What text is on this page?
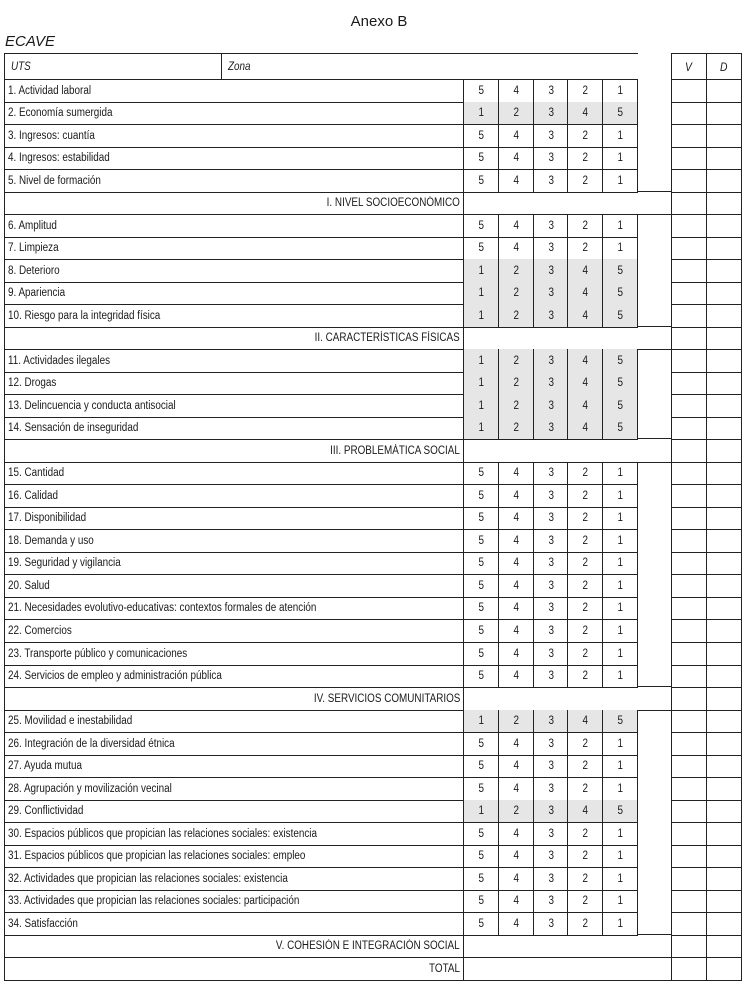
Anexo B
ECAVE
UTS	Zona	V D
1. Actividad laboral	5	4	3	2	1
2. Economía sumergida	1	2	3	4	5
3. Ingresos: cuantía	5	4	3	2	1
4. Ingresos: estabilidad	5	4	3	2	1
5. Nivel de formación	5	4	3	2	1
I. NIVEL SOCIOECONÓMICO
6. Amplitud	5	4	3	2	1
7. Limpieza	5	4	3	2	1
8. Deterioro	1	2	3	4	5
9. Apariencia	1	2	3	4	5
10. Riesgo para la integridad física	1	2	3	4	5
II. CARACTERÍSTICAS FÍSICAS
11. Actividades ilegales	1	2	3	4	5
12. Drogas	1	2	3	4	5
13. Delincuencia y conducta antisocial	1	2	3	4	5
14. Sensación de inseguridad	1	2	3	4	5
III. PROBLEMÁTICA SOCIAL
15. Cantidad	5	4	3	2	1
16. Calidad	5	4	3	2	1
17. Disponibilidad	5	4	3	2	1
18. Demanda y uso	5	4	3	2	1
19. Seguridad y vigilancia	5	4	3	2	1
20. Salud	5	4	3	2	1
21. Necesidades evolutivo-educativas: contextos formales de atención	5	4	3	2	1
22. Comercios	5	4	3	2	1
23. Transporte público y comunicaciones	5	4	3	2	1
24. Servicios de empleo y administración pública	5	4	3	2	1
IV. SERVICIOS COMUNITARIOS
25. Movilidad e inestabilidad	1	2	3	4	5
26. Integración de la diversidad étnica	5	4	3	2	1
27. Ayuda mutua	5	4	3	2	1
28. Agrupación y movilización vecinal	5	4	3	2	1
29. Conflictividad	1	2	3	4	5
30. Espacios públicos que propician las relaciones sociales: existencia	5	4	3	2	1
31. Espacios públicos que propician las relaciones sociales: empleo	5	4	3	2	1
32. Actividades que propician las relaciones sociales: existencia	5	4	3	2	1
33. Actividades que propician las relaciones sociales: participación	5	4	3	2	1
34. Satisfacción	5	4	3	2	1
V. COHESIÓN E INTEGRACIÓN SOCIAL
TOTAL
